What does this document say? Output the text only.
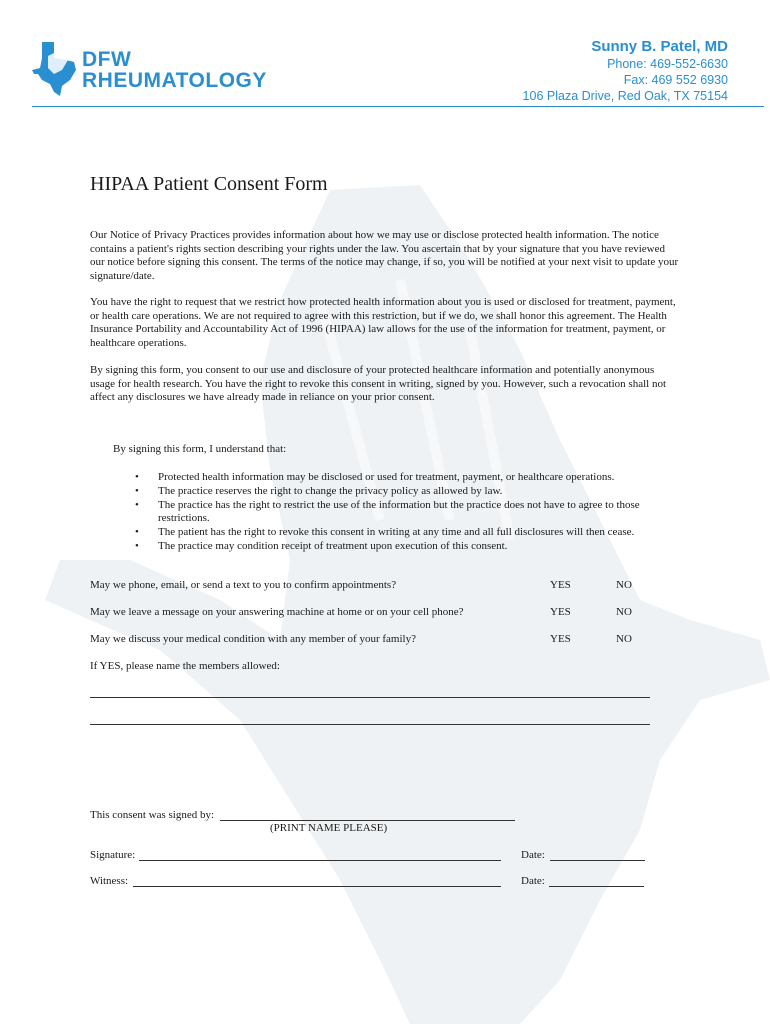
DFW
RHEUMATOLOGY
Sunny B. Patel, MD
Phone: 469-552-6630
Fax: 469 552 6930
106 Plaza Drive, Red Oak, TX 75154
HIPAA Patient Consent Form

Our Notice of Privacy Practices provides information about how we may use or disclose protected health information. The notice contains a patient's rights section describing your rights under the law. You ascertain that by your signature that you have reviewed our notice before signing this consent. The terms of the notice may change, if so, you will be notified at your next visit to update your signature/date.

You have the right to request that we restrict how protected health information about you is used or disclosed for treatment, payment, or health care operations. We are not required to agree with this restriction, but if we do, we shall honor this agreement. The Health Insurance Portability and Accountability Act of 1996 (HIPAA) law allows for the use of the information for treatment, payment, or healthcare operations.

By signing this form, you consent to our use and disclosure of your protected healthcare information and potentially anonymous usage for health research. You have the right to revoke this consent in writing, signed by you. However, such a revocation shall not affect any disclosures we have already made in reliance on your prior consent.

By signing this form, I understand that:

• Protected health information may be disclosed or used for treatment, payment, or healthcare operations.
• The practice reserves the right to change the privacy policy as allowed by law.
• The practice has the right to restrict the use of the information but the practice does not have to agree to those restrictions.
• The patient has the right to revoke this consent in writing at any time and all full disclosures will then cease.
• The practice may condition receipt of treatment upon execution of this consent.
May we phone, email, or send a text to you to confirm appointments?	YES	NO
May we leave a message on your answering machine at home or on your cell phone?	YES	NO
May we discuss your medical condition with any member of your family?	YES	NO
If YES, please name the members allowed:
This consent was signed by:
(PRINT NAME PLEASE)
Signature:	Date:
Witness:	Date:
